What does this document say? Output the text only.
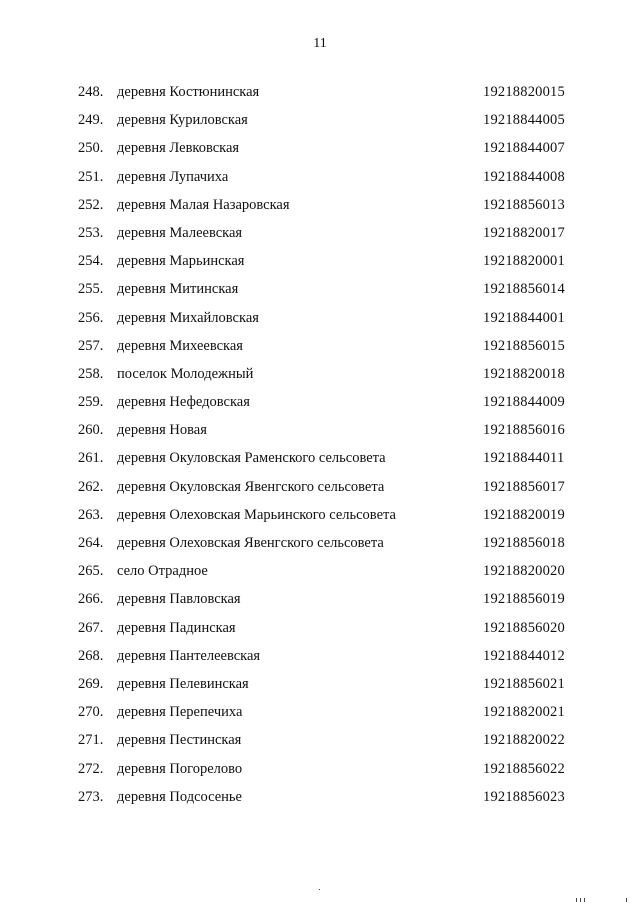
11
248. деревня Костюнинская	19218820015
249. деревня Куриловская	19218844005
250. деревня Левковская	19218844007
251. деревня Лупачиха	19218844008
252. деревня Малая Назаровская	19218856013
253. деревня Малеевская	19218820017
254. деревня Марьинская	19218820001
255. деревня Митинская	19218856014
256. деревня Михайловская	19218844001
257. деревня Михеевская	19218856015
258. поселок Молодежный	19218820018
259. деревня Нефедовская	19218844009
260. деревня Новая	19218856016
261. деревня Окуловская Раменского сельсовета	19218844011
262. деревня Окуловская Явенгского сельсовета	19218856017
263. деревня Олеховская Марьинского сельсовета	19218820019
264. деревня Олеховская Явенгского сельсовета	19218856018
265. село Отрадное	19218820020
266. деревня Павловская	19218856019
267. деревня Падинская	19218856020
268. деревня Пантелеевская	19218844012
269. деревня Пелевинская	19218856021
270. деревня Перепечиха	19218820021
271. деревня Пестинская	19218820022
272. деревня Погорелово	19218856022
273. деревня Подсосенье	19218856023
